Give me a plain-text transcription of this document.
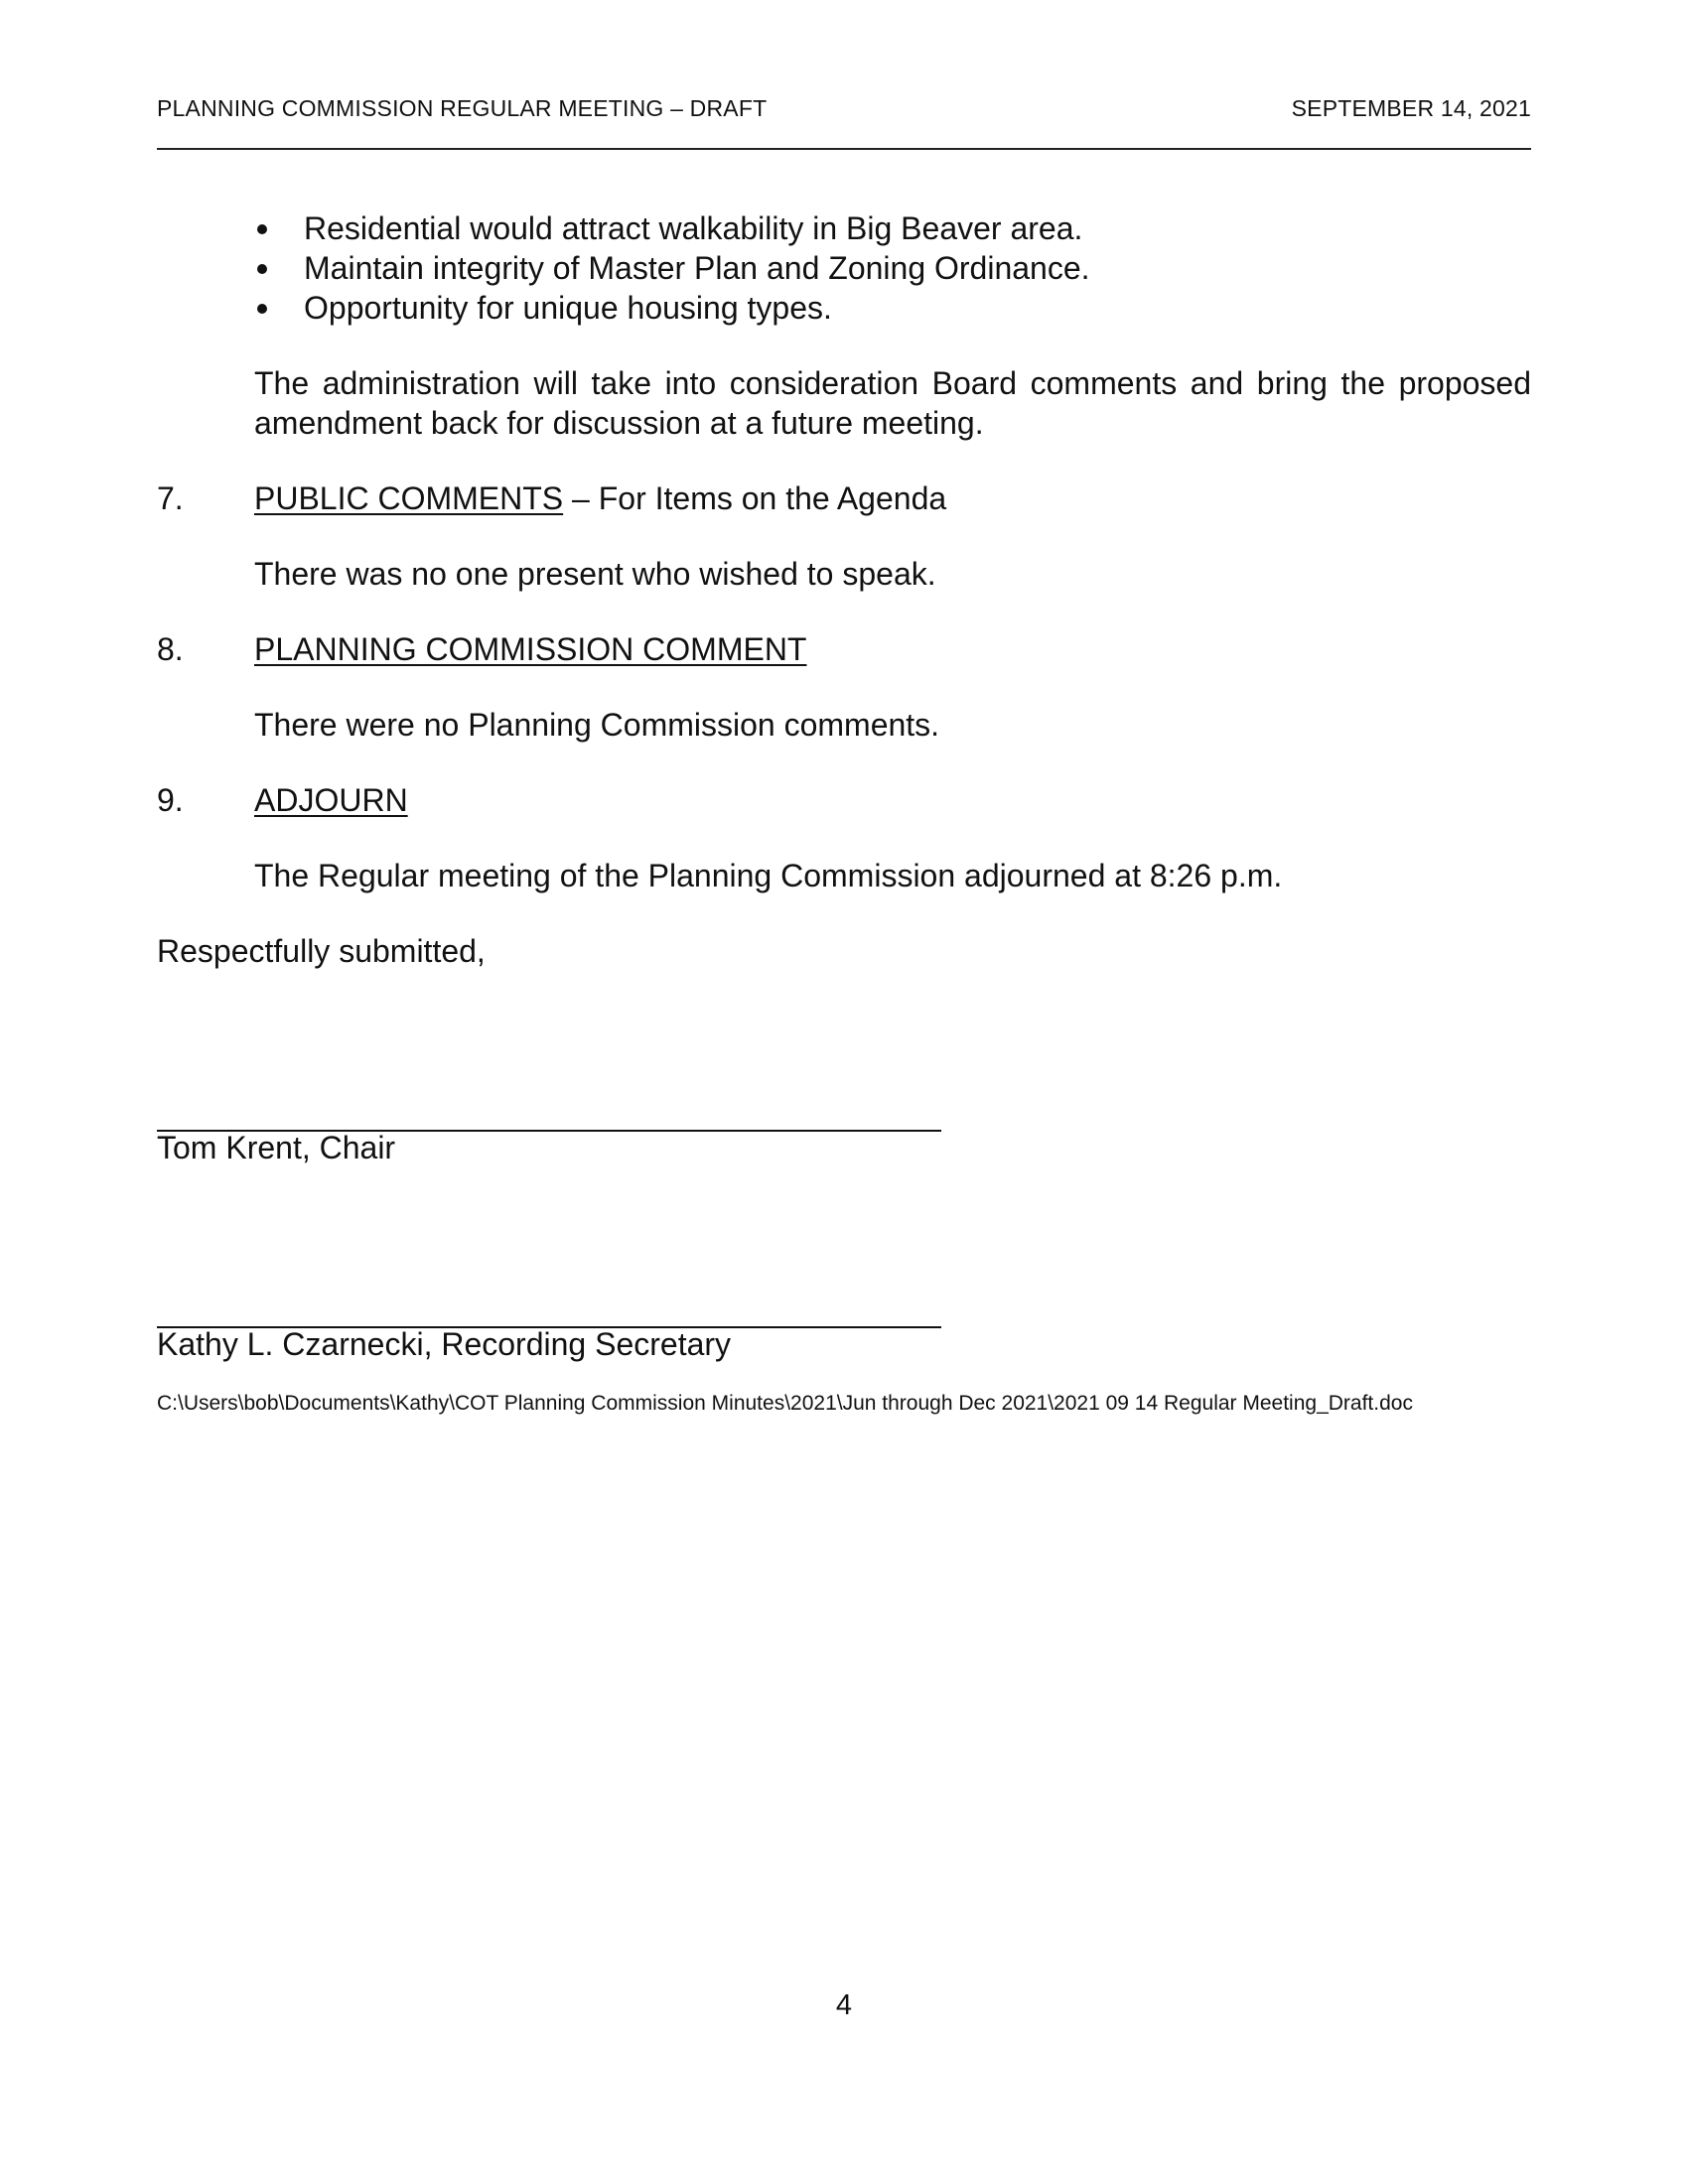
PLANNING COMMISSION REGULAR MEETING – DRAFT	SEPTEMBER 14, 2021
Residential would attract walkability in Big Beaver area.
Maintain integrity of Master Plan and Zoning Ordinance.
Opportunity for unique housing types.

The administration will take into consideration Board comments and bring the proposed amendment back for discussion at a future meeting.

7. PUBLIC COMMENTS – For Items on the Agenda

There was no one present who wished to speak.

8. PLANNING COMMISSION COMMENT

There were no Planning Commission comments.

9. ADJOURN

The Regular meeting of the Planning Commission adjourned at 8:26 p.m.

Respectfully submitted,

Tom Krent, Chair

Kathy L. Czarnecki, Recording Secretary

C:\Users\bob\Documents\Kathy\COT Planning Commission Minutes\2021\Jun through Dec 2021\2021 09 14 Regular Meeting_Draft.doc
4
